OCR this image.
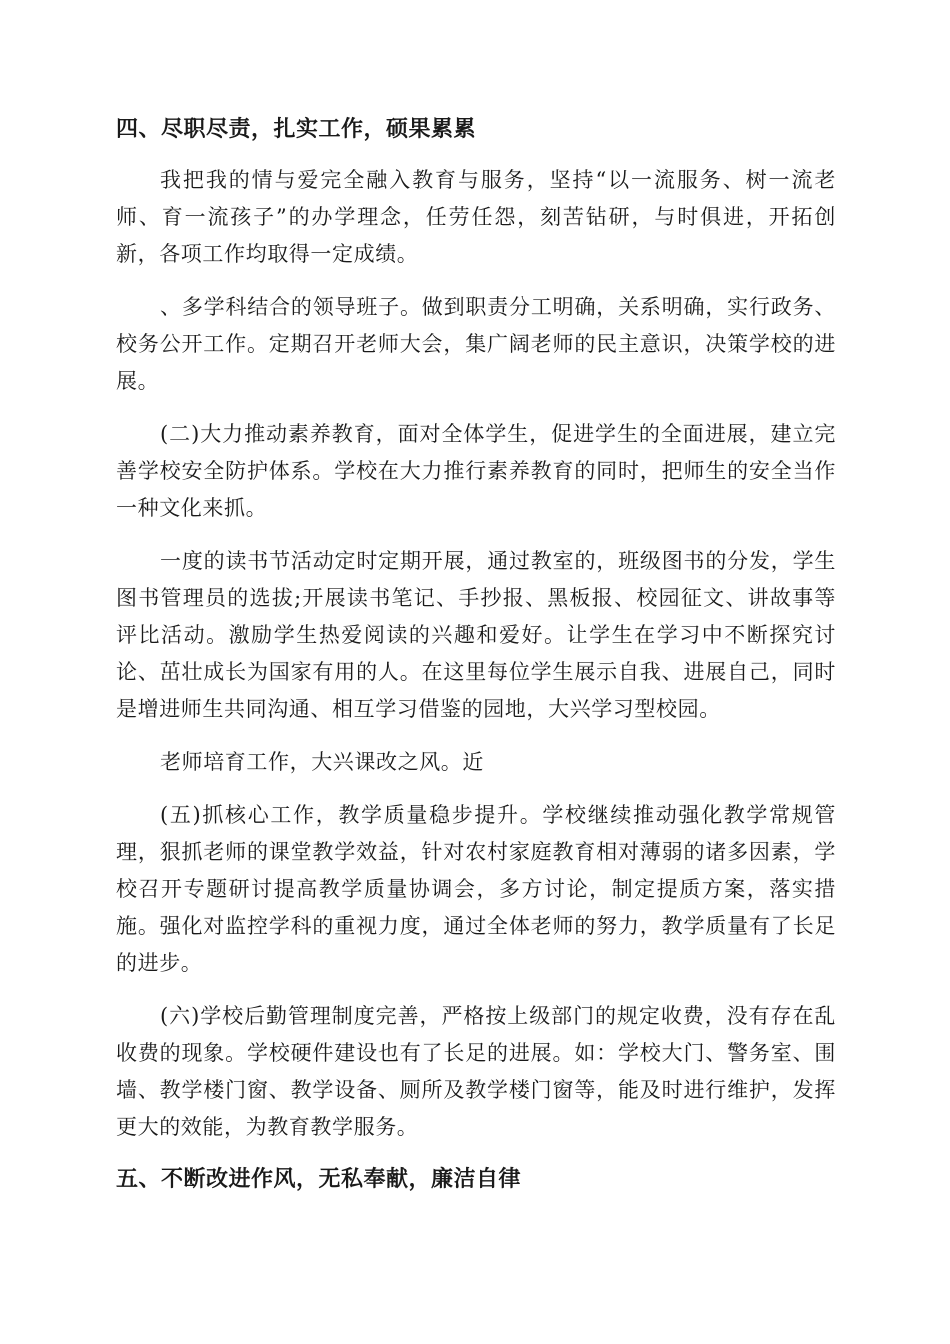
四、尽职尽责，扎实工作，硕果累累

我把我的情与爱完全融入教育与服务，坚持“以一流服务、树一流老师、育一流孩子”的办学理念，任劳任怨，刻苦钻研，与时俱进，开拓创新，各项工作均取得一定成绩。

、多学科结合的领导班子。做到职责分工明确，关系明确，实行政务、校务公开工作。定期召开老师大会，集广阔老师的民主意识，决策学校的进展。

(二)大力推动素养教育，面对全体学生，促进学生的全面进展，建立完善学校安全防护体系。学校在大力推行素养教育的同时，把师生的安全当作一种文化来抓。

一度的读书节活动定时定期开展，通过教室的，班级图书的分发，学生图书管理员的选拔;开展读书笔记、手抄报、黑板报、校园征文、讲故事等评比活动。激励学生热爱阅读的兴趣和爱好。让学生在学习中不断探究讨论、茁壮成长为国家有用的人。在这里每位学生展示自我、进展自己，同时是增进师生共同沟通、相互学习借鉴的园地，大兴学习型校园。

老师培育工作，大兴课改之风。近

(五)抓核心工作，教学质量稳步提升。学校继续推动强化教学常规管理，狠抓老师的课堂教学效益，针对农村家庭教育相对薄弱的诸多因素，学校召开专题研讨提高教学质量协调会，多方讨论，制定提质方案，落实措施。强化对监控学科的重视力度，通过全体老师的努力，教学质量有了长足的进步。

(六)学校后勤管理制度完善，严格按上级部门的规定收费，没有存在乱收费的现象。学校硬件建设也有了长足的进展。如：学校大门、警务室、围墙、教学楼门窗、教学设备、厕所及教学楼门窗等，能及时进行维护，发挥更大的效能，为教育教学服务。

五、不断改进作风，无私奉献，廉洁自律
